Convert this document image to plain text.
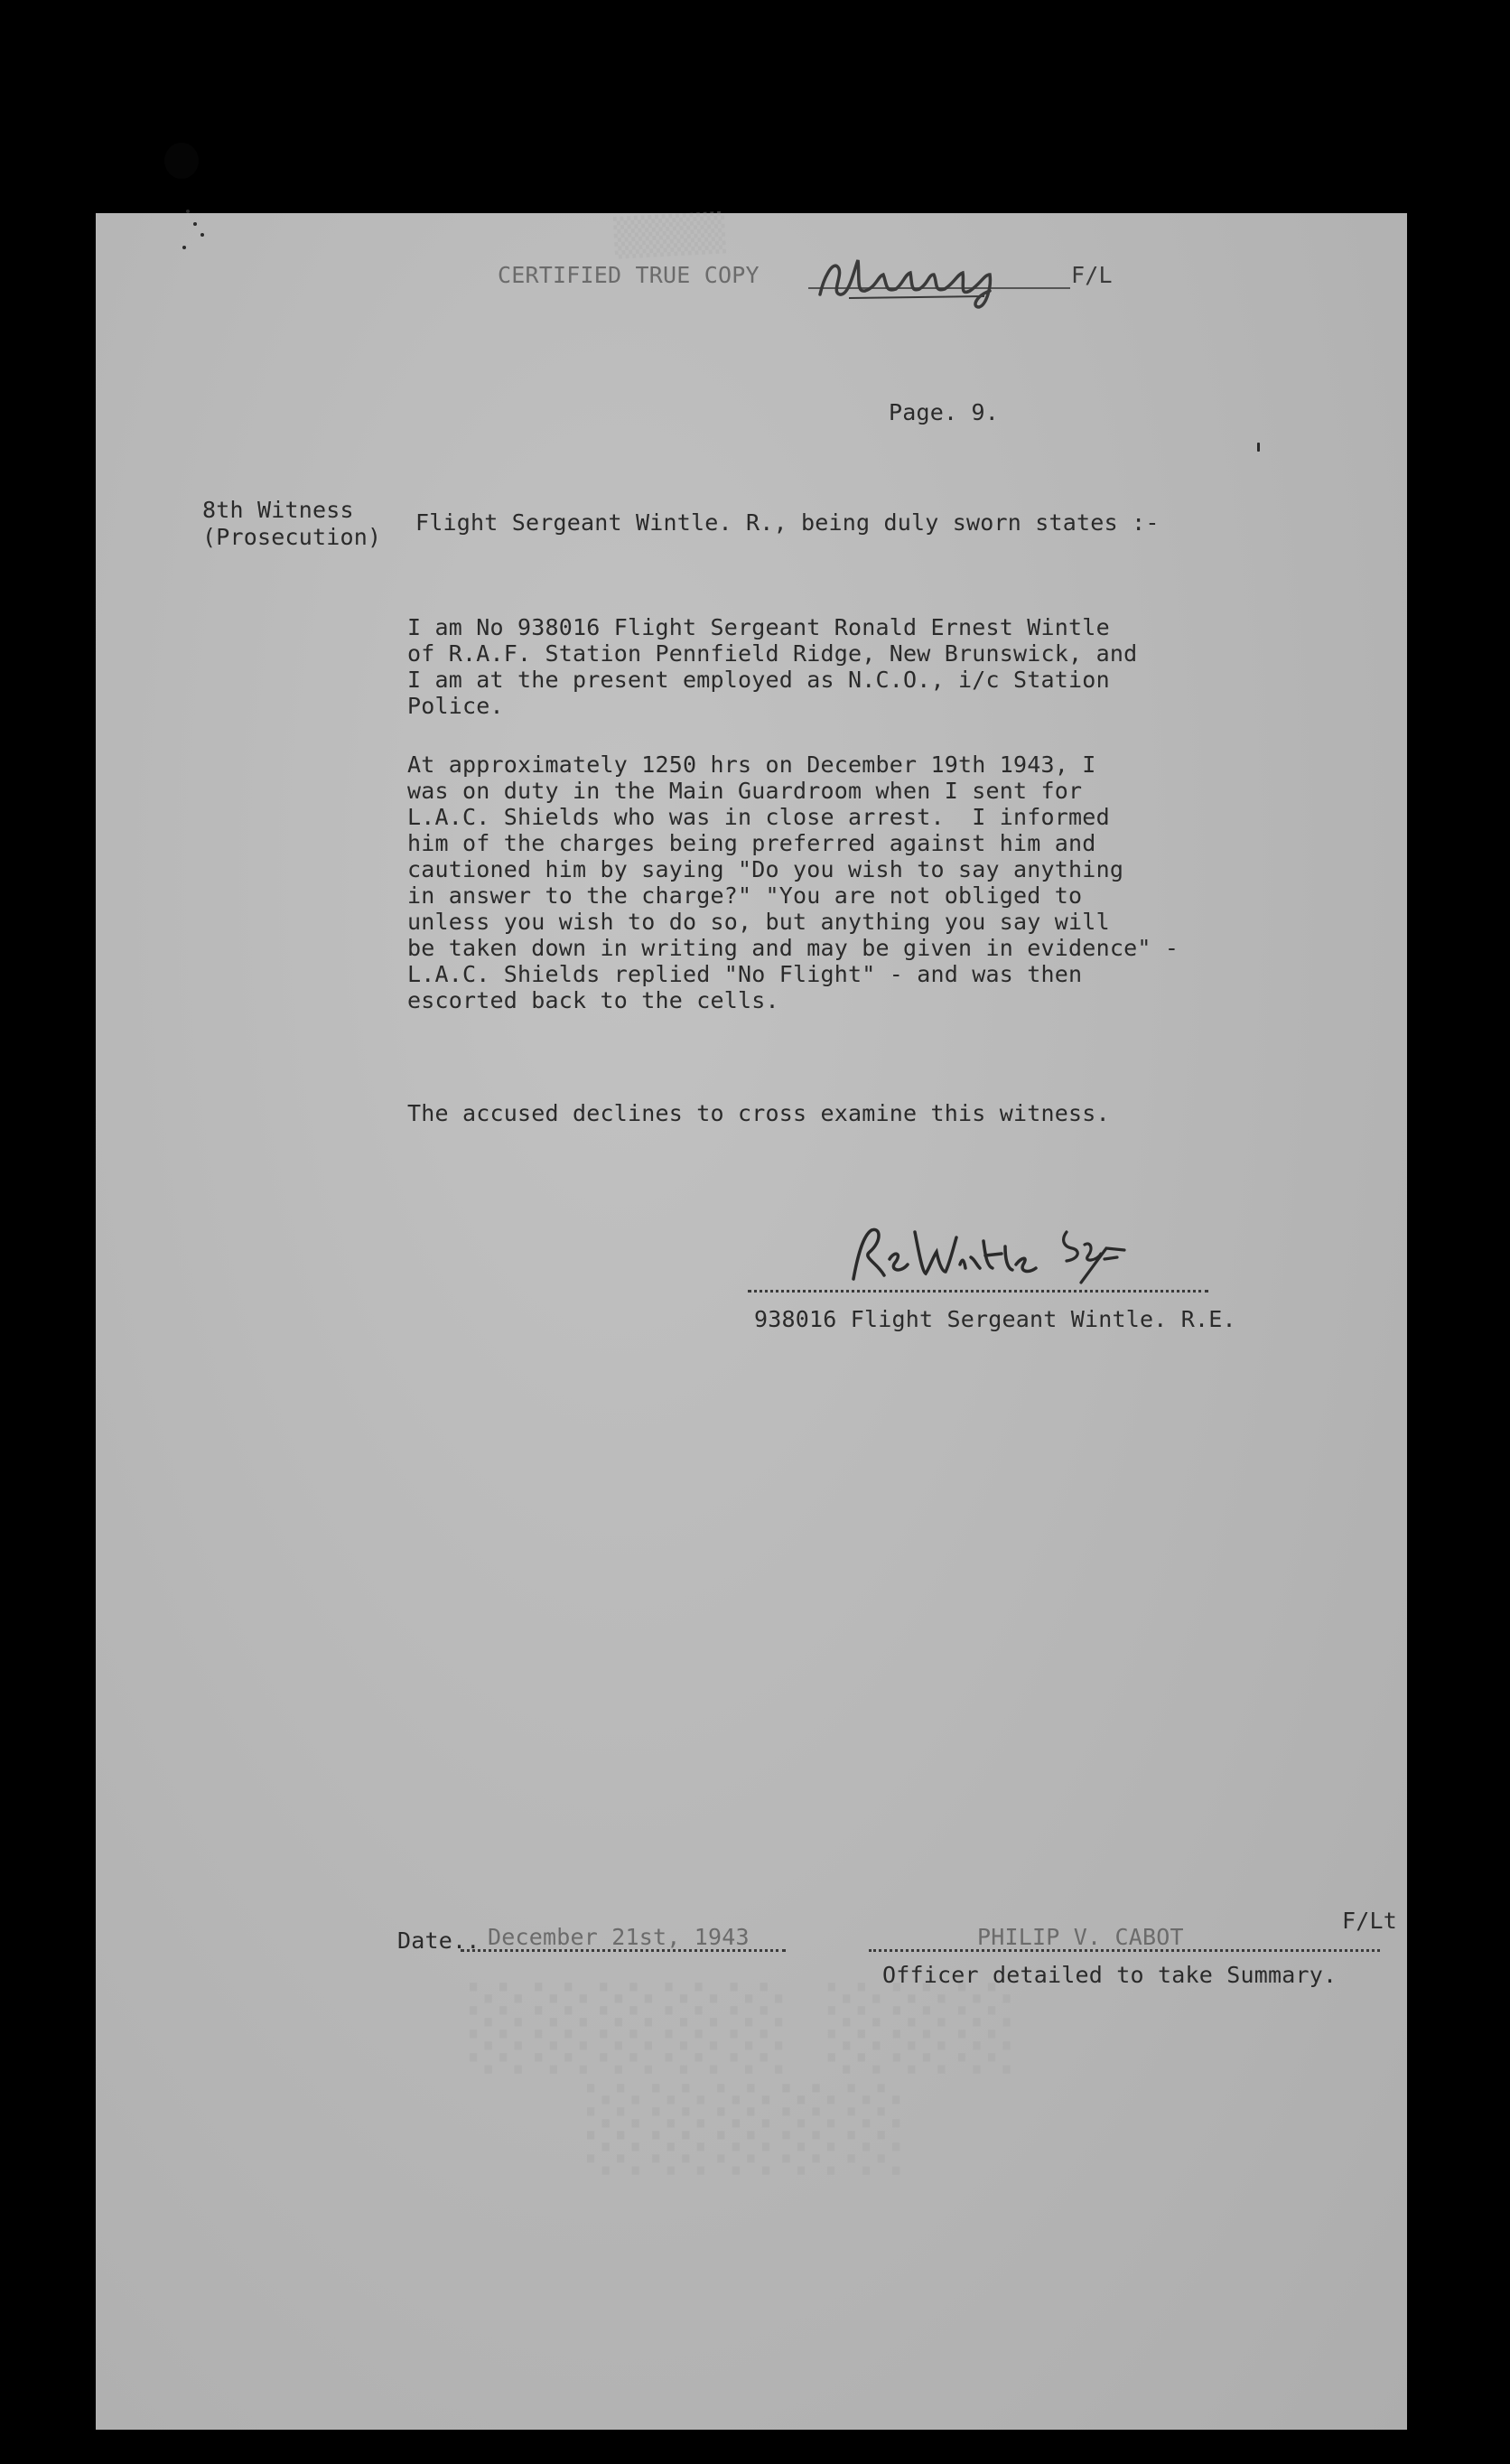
▒▒▒▒
CERTIFIED TRUE COPY	F/L
Page. 9.
8th Witness
(Prosecution)
Flight Sergeant Wintle. R., being duly sworn states :-
I am No 938016 Flight Sergeant Ronald Ernest Wintle
of R.A.F. Station Pennfield Ridge, New Brunswick, and
I am at the present employed as N.C.O., i/c Station
Police.
At approximately 1250 hrs on December 19th 1943, I
was on duty in the Main Guardroom when I sent for
L.A.C. Shields who was in close arrest.  I informed
him of the charges being preferred against him and
cautioned him by saying "Do you wish to say anything
in answer to the charge?" "You are not obliged to
unless you wish to do so, but anything you say will
be taken down in writing and may be given in evidence" -
L.A.C. Shields replied "No Flight" - and was then
escorted back to the cells.
The accused declines to cross examine this witness.
938016 Flight Sergeant Wintle. R.E.
Date.. December 21st, 1943	PHILIP V. CABOT
F/Lt
Officer detailed to take Summary.
░░░░░ ░░░
░░░░░
